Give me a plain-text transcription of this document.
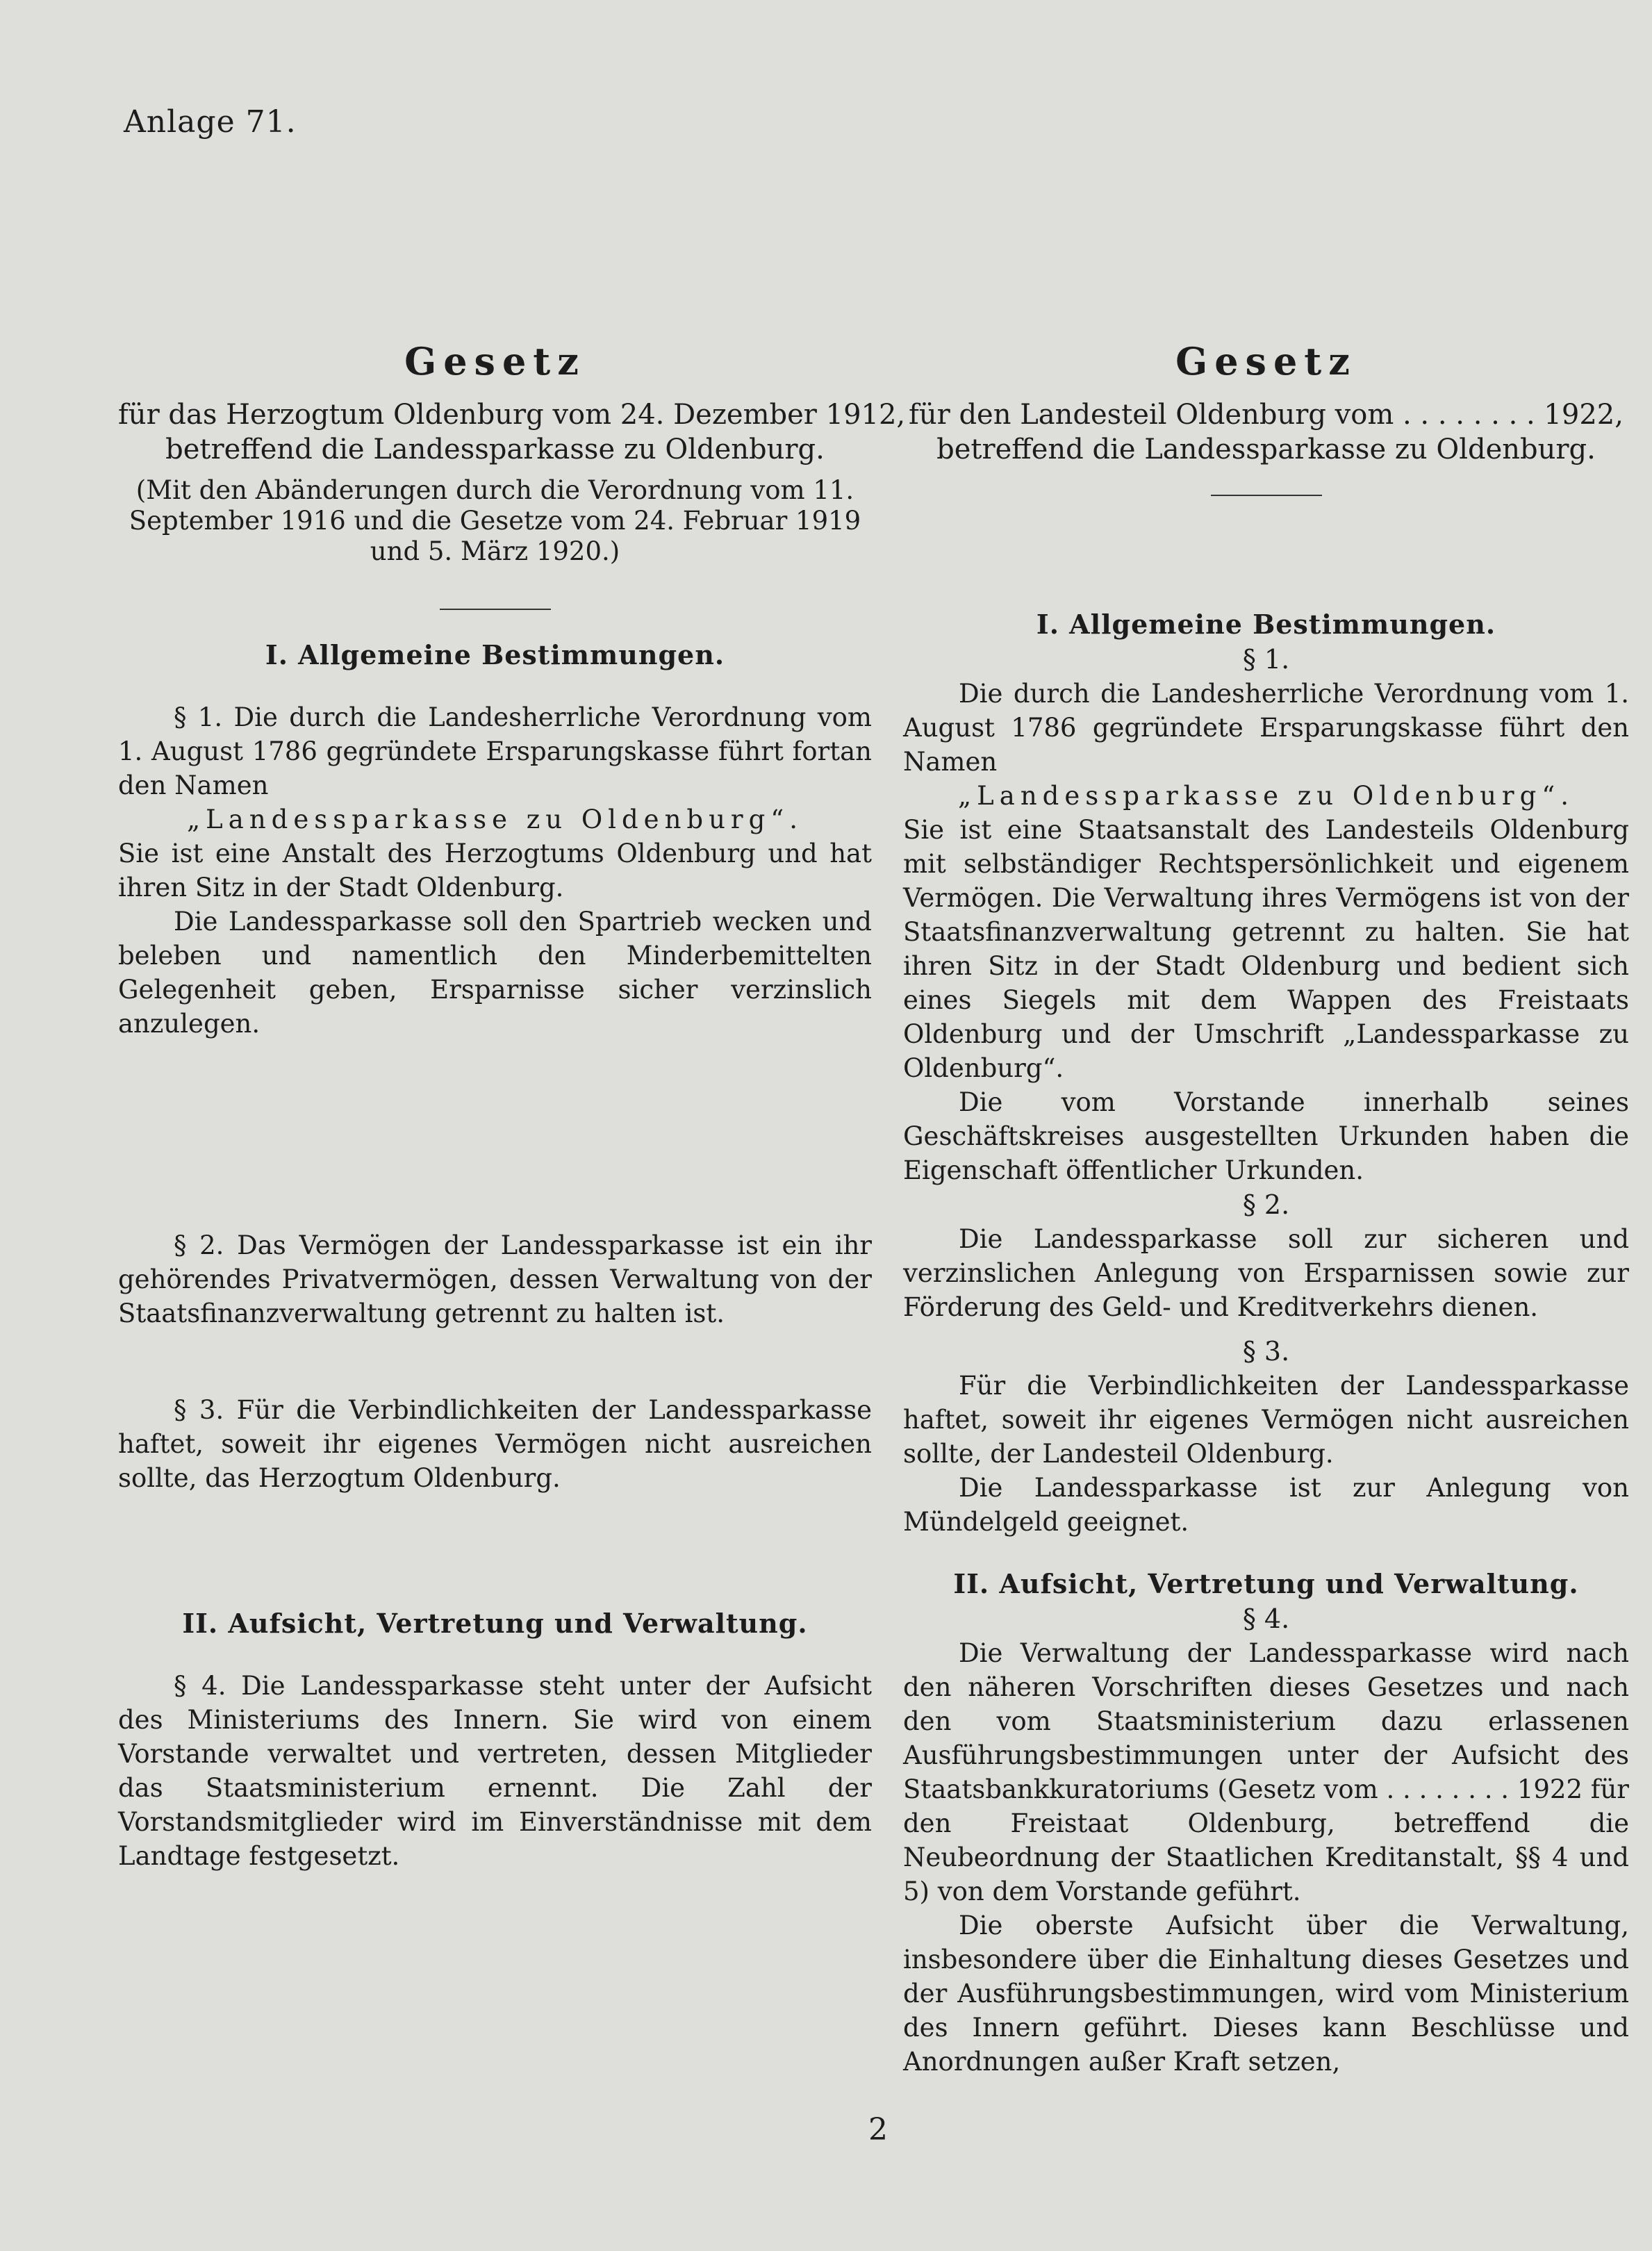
Anlage 71.
Gesetz
für das Herzogtum Oldenburg vom 24. Dezember 1912,
betreffend die Landessparkasse zu Oldenburg.
(Mit den Abänderungen durch die Verordnung vom 11. September 1916 und die Gesetze vom 24. Februar 1919 und 5. März 1920.)
I. Allgemeine Bestimmungen.

§ 1. Die durch die Landesherrliche Verordnung vom 1. August 1786 gegründete Ersparungskasse führt fortan den Namen

„Landessparkasse zu Oldenburg“.

Sie ist eine Anstalt des Herzogtums Oldenburg und hat ihren Sitz in der Stadt Oldenburg.

Die Landessparkasse soll den Spartrieb wecken und beleben und namentlich den Minderbemittelten Gelegenheit geben, Ersparnisse sicher verzinslich anzulegen.

§ 2. Das Vermögen der Landessparkasse ist ein ihr gehörendes Privatvermögen, dessen Verwaltung von der Staatsfinanzverwaltung getrennt zu halten ist.

§ 3. Für die Verbindlichkeiten der Landessparkasse haftet, soweit ihr eigenes Vermögen nicht ausreichen sollte, das Herzogtum Oldenburg.

II. Aufsicht, Vertretung und Verwaltung.

§ 4. Die Landessparkasse steht unter der Aufsicht des Ministeriums des Innern. Sie wird von einem Vorstande verwaltet und vertreten, dessen Mitglieder das Staatsministerium ernennt. Die Zahl der Vorstandsmitglieder wird im Einverständnisse mit dem Landtage festgesetzt.

Gesetz
für den Landesteil Oldenburg vom . . . . . . . . 1922,
betreffend die Landessparkasse zu Oldenburg.
I. Allgemeine Bestimmungen.
§ 1.

Die durch die Landesherrliche Verordnung vom 1. August 1786 gegründete Ersparungskasse führt den Namen

„Landessparkasse zu Oldenburg“.

Sie ist eine Staatsanstalt des Landesteils Oldenburg mit selbständiger Rechtspersönlichkeit und eigenem Vermögen. Die Verwaltung ihres Vermögens ist von der Staatsfinanzverwaltung getrennt zu halten. Sie hat ihren Sitz in der Stadt Oldenburg und bedient sich eines Siegels mit dem Wappen des Freistaats Oldenburg und der Umschrift „Landessparkasse zu Oldenburg“.

Die vom Vorstande innerhalb seines Geschäftskreises ausgestellten Urkunden haben die Eigenschaft öffentlicher Urkunden.

§ 2.

Die Landessparkasse soll zur sicheren und verzinslichen Anlegung von Ersparnissen sowie zur Förderung des Geld- und Kreditverkehrs dienen.

§ 3.

Für die Verbindlichkeiten der Landessparkasse haftet, soweit ihr eigenes Vermögen nicht ausreichen sollte, der Landesteil Oldenburg.

Die Landessparkasse ist zur Anlegung von Mündelgeld geeignet.

II. Aufsicht, Vertretung und Verwaltung.
§ 4.

Die Verwaltung der Landessparkasse wird nach den näheren Vorschriften dieses Gesetzes und nach den vom Staatsministerium dazu erlassenen Ausführungsbestimmungen unter der Aufsicht des Staatsbankkuratoriums (Gesetz vom . . . . . . . . 1922 für den Freistaat Oldenburg, betreffend die Neubeordnung der Staatlichen Kreditanstalt, §§ 4 und 5) von dem Vorstande geführt.

Die oberste Aufsicht über die Verwaltung, insbesondere über die Einhaltung dieses Gesetzes und der Ausführungsbestimmungen, wird vom Ministerium des Innern geführt. Dieses kann Beschlüsse und Anordnungen außer Kraft setzen,

2
